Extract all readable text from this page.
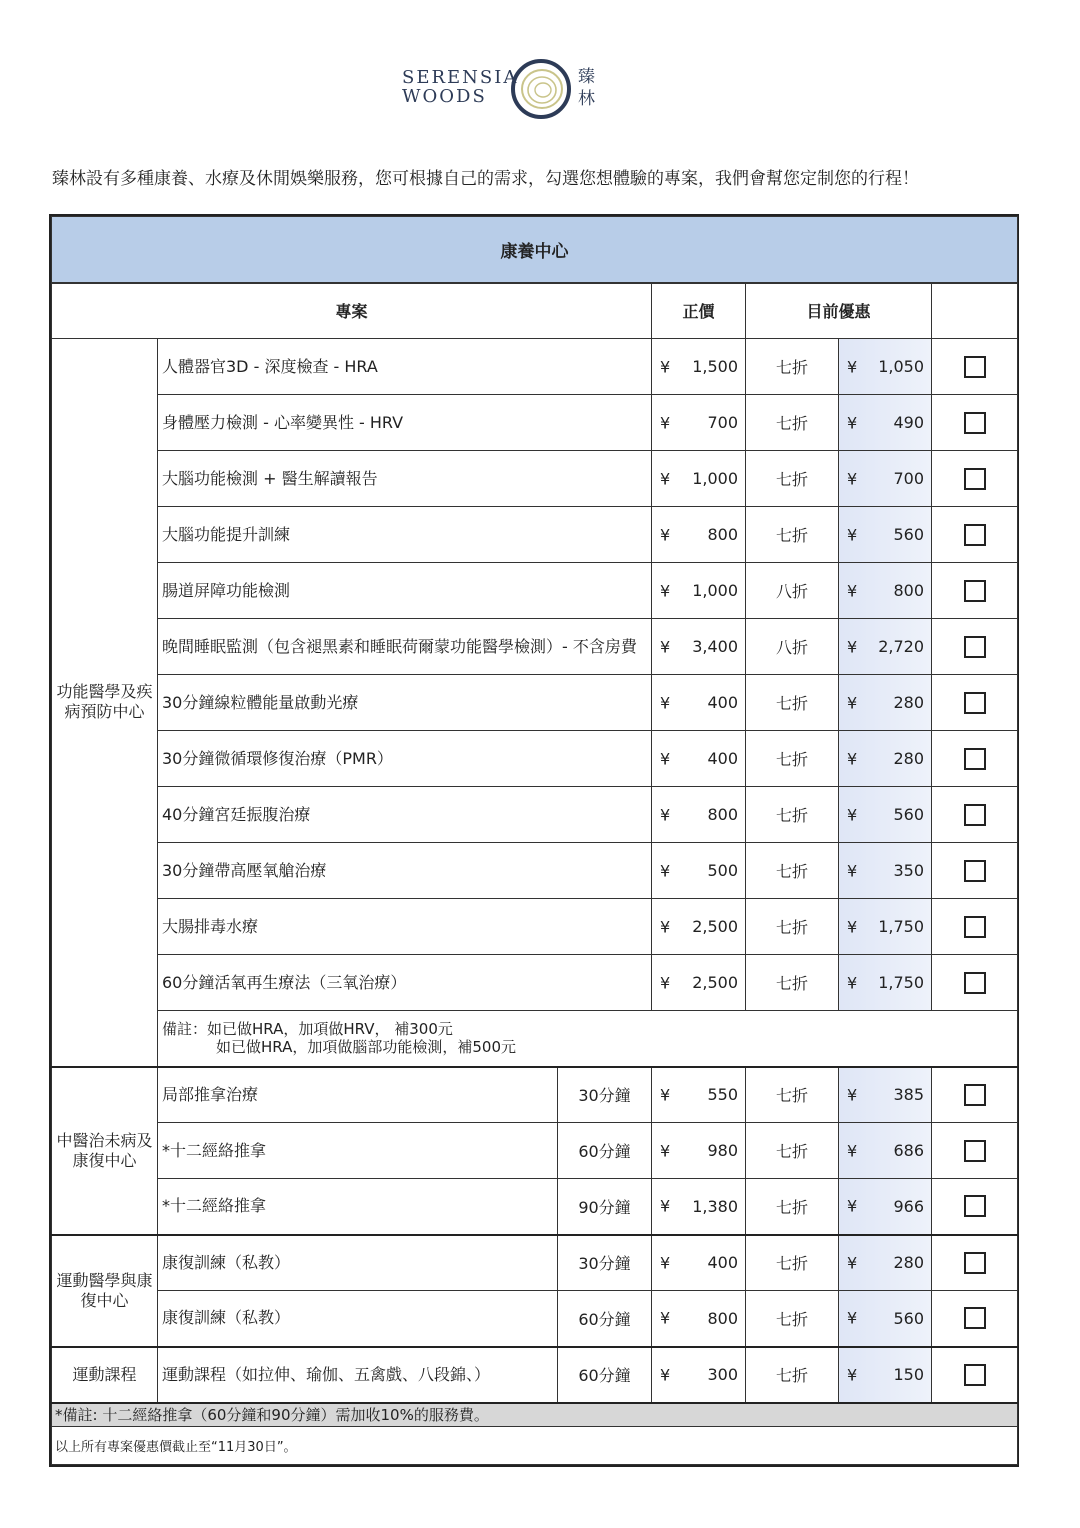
SERENSIA
WOODS
臻
林
臻林設有多種康養、水療及休閒娛樂服務，您可根據自己的需求，勾選您想體驗的專案，我們會幫您定制您的行程！
康養中心						
專案			正價	目前優惠		
功能醫學及疾病預防中心	人體器官3D - 深度檢查 - HRA		¥ 1,500	七折	¥ 1,050	
	身體壓力檢測 - 心率變異性 - HRV		¥ 700	七折	¥ 490	
	大腦功能檢測 + 醫生解讀報告		¥ 1,000	七折	¥ 700	
	大腦功能提升訓練		¥ 800	七折	¥ 560	
	腸道屏障功能檢測		¥ 1,000	八折	¥ 800	
	晚間睡眠監測（包含褪黑素和睡眠荷爾蒙功能醫學檢測）- 不含房費		¥ 3,400	八折	¥ 2,720	
	30分鐘線粒體能量啟動光療		¥ 400	七折	¥ 280	
	30分鐘微循環修復治療（PMR）		¥ 400	七折	¥ 280	
	40分鐘宮廷振腹治療		¥ 800	七折	¥ 560	
	30分鐘帶高壓氧艙治療		¥ 500	七折	¥ 350	
	大腸排毒水療		¥ 2,500	七折	¥ 1,750	
	60分鐘活氧再生療法（三氧治療）		¥ 2,500	七折	¥ 1,750	

	備註：如已做HRA，加項做HRV， 補300元
如已做HRA，加項做腦部功能檢測，補500元					

中醫治未病及康復中心	局部推拿治療	30分鐘	¥ 550	七折	¥ 385	
	*十二經絡推拿	60分鐘	¥ 980	七折	¥ 686	
	*十二經絡推拿	90分鐘	¥ 1,380	七折	¥ 966	
運動醫學與康復中心	康復訓練（私教）	30分鐘	¥ 400	七折	¥ 280	
	康復訓練（私教）	60分鐘	¥ 800	七折	¥ 560	
運動課程	運動課程（如拉伸、瑜伽、五禽戲、八段錦、）	60分鐘	¥ 300	七折	¥ 150	
*備註: 十二經絡推拿（60分鐘和90分鐘）需加收10%的服務費。						
以上所有專案優惠價截止至“11月30日”。						
